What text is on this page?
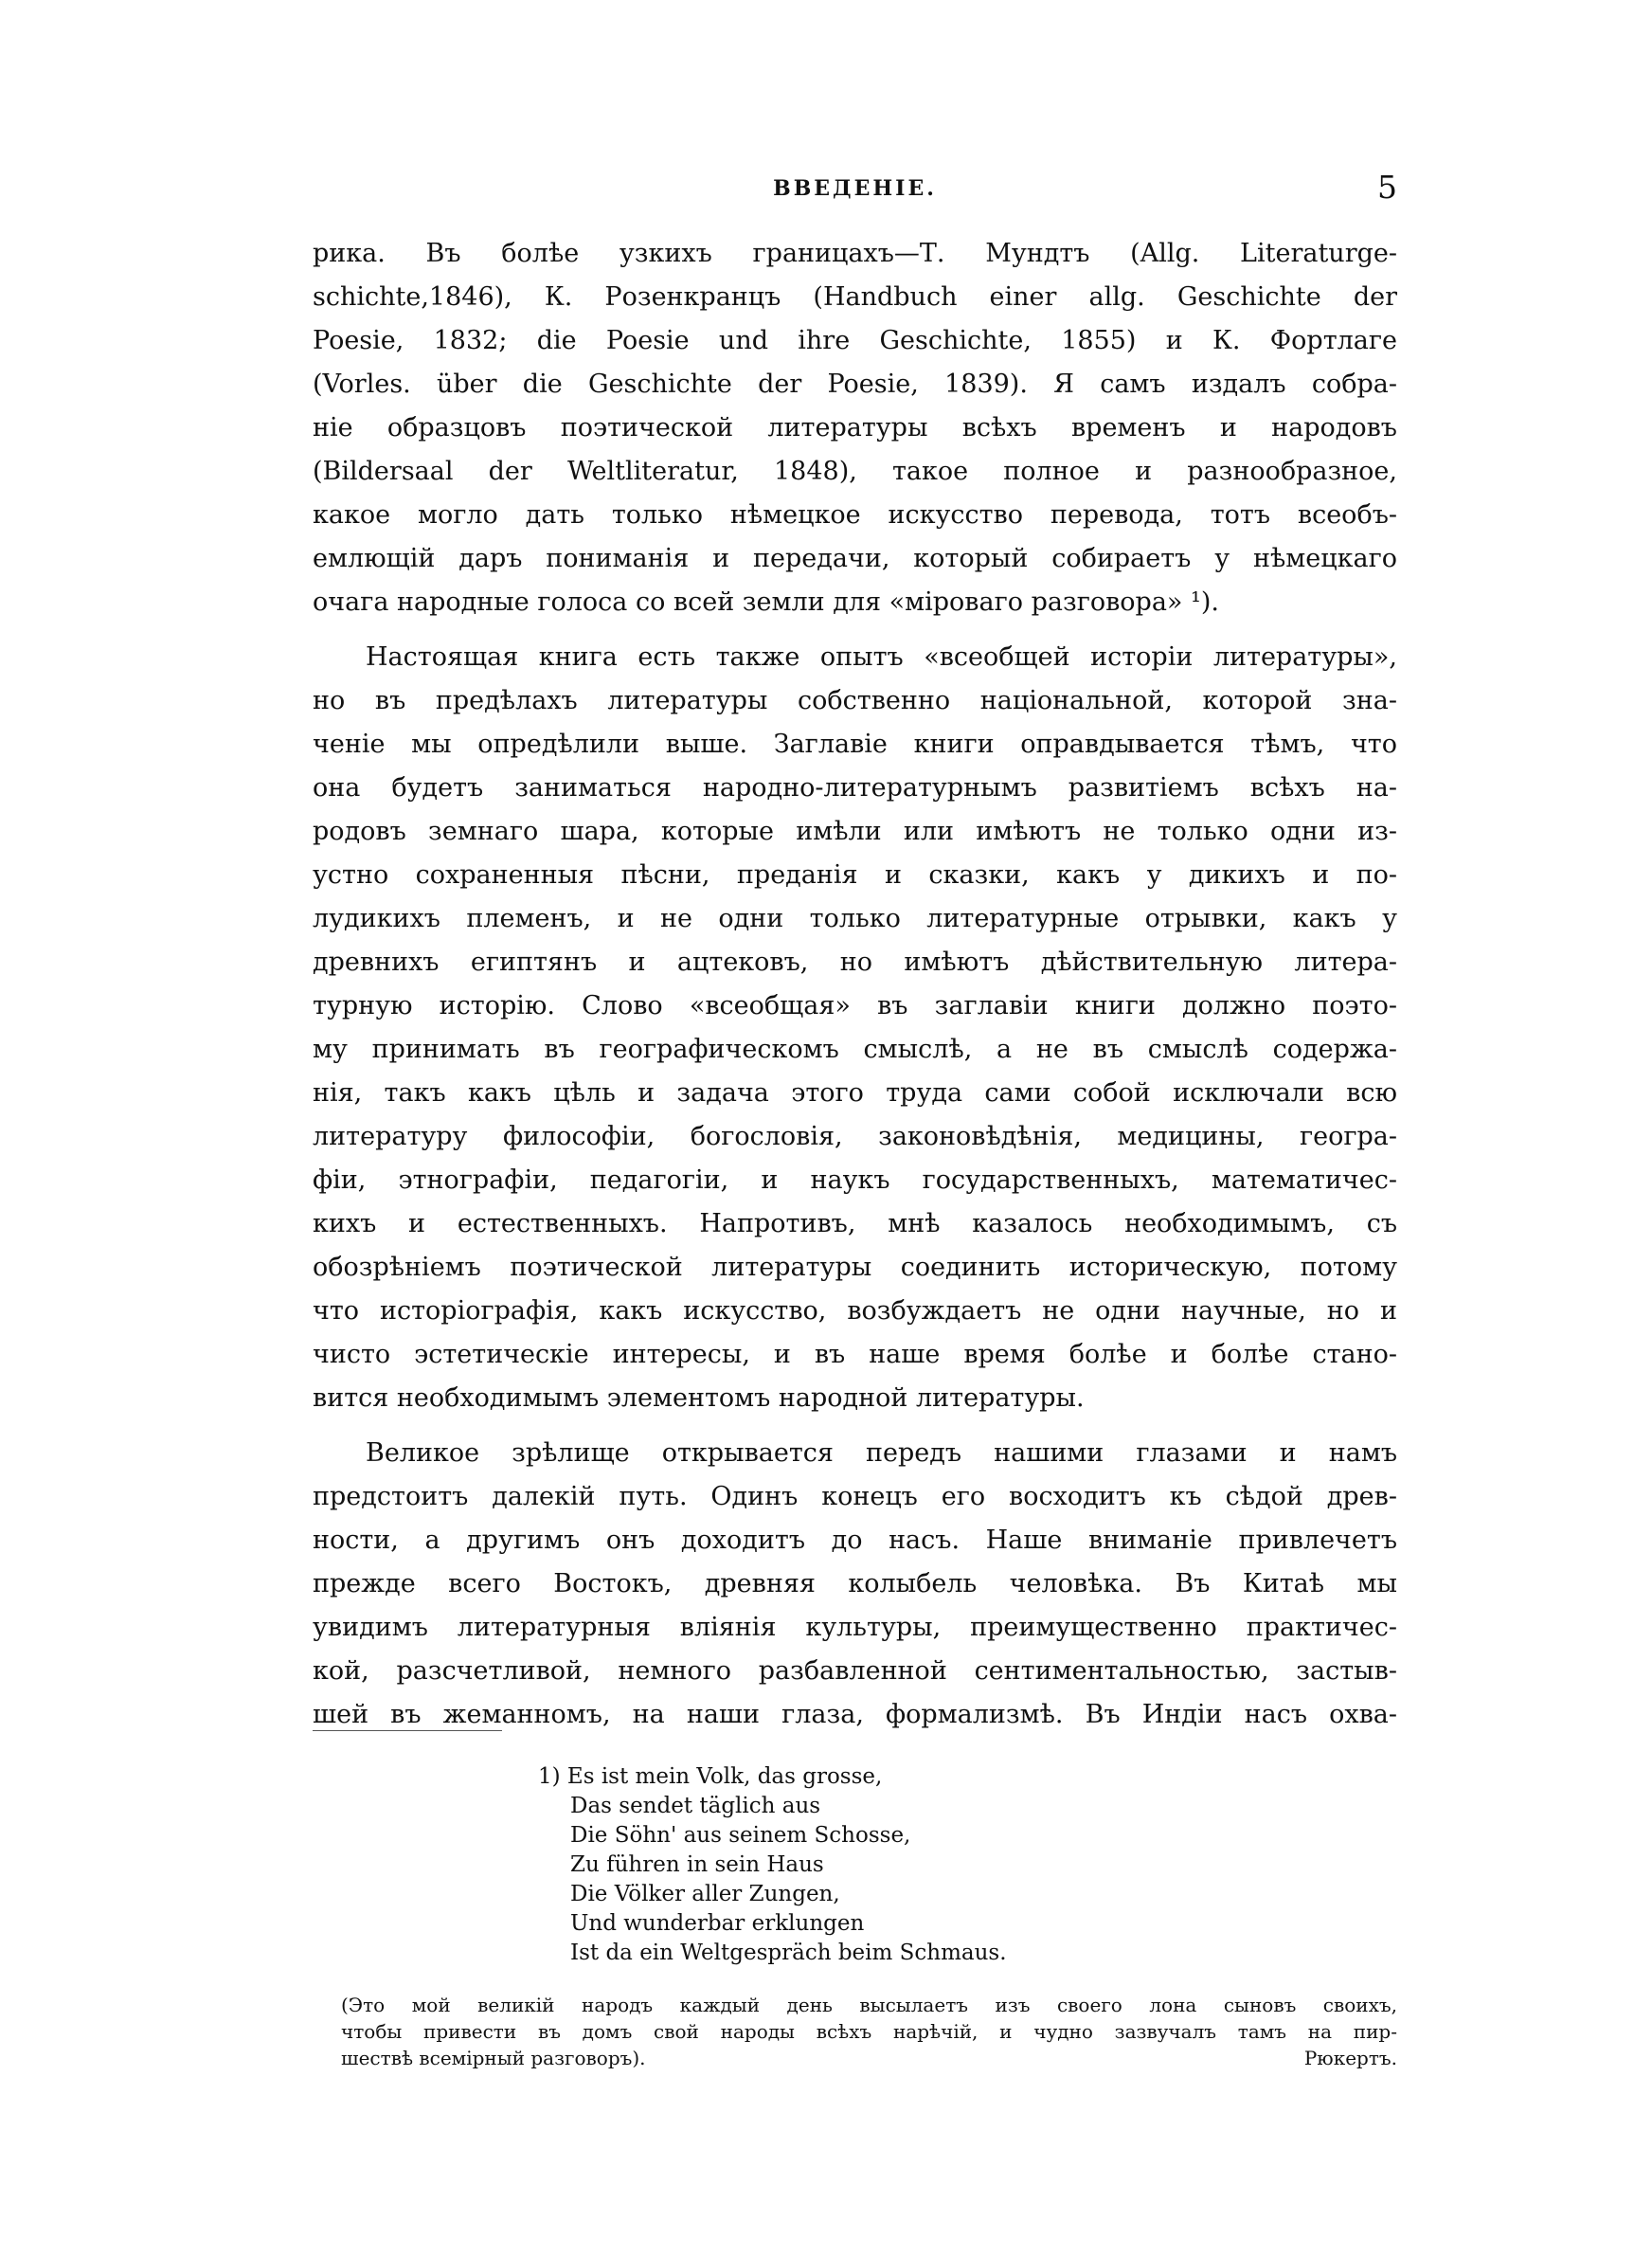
ВВЕДЕНІЕ.	5
рика. Въ болѣе узкихъ границахъ—Т. Мундтъ (Allg. Literaturge-
schichte,1846), К. Розенкранцъ (Handbuch einer allg. Geschichte der
Poesie, 1832; die Poesie und ihre Geschichte, 1855) и К. Фортлаге
(Vorles. über die Geschichte der Poesie, 1839). Я самъ издалъ собра-
ніе образцовъ поэтической литературы всѣхъ временъ и народовъ
(Bildersaal der Weltliteratur, 1848), такое полное и разнообразное,
какое могло дать только нѣмецкое искусство перевода, тотъ всеобъ-
емлющій даръ пониманія и передачи, который собираетъ у нѣмецкаго
очага народные голоса со всей земли для «міроваго разговора» ¹).
Настоящая книга есть также опытъ «всеобщей исторіи литературы»,
но въ предѣлахъ литературы собственно національной, которой зна-
ченіе мы опредѣлили выше. Заглавіе книги оправдывается тѣмъ, что
она будетъ заниматься народно-литературнымъ развитіемъ всѣхъ на-
родовъ земнаго шара, которые имѣли или имѣютъ не только одни из-
устно сохраненныя пѣсни, преданія и сказки, какъ у дикихъ и по-
лудикихъ племенъ, и не одни только литературные отрывки, какъ у
древнихъ египтянъ и ацтековъ, но имѣютъ дѣйствительную литера-
турную исторію. Слово «всеобщая» въ заглавіи книги должно поэто-
му принимать въ географическомъ смыслѣ, а не въ смыслѣ содержа-
нія, такъ какъ цѣль и задача этого труда сами собой исключали всю
литературу философіи, богословія, законовѣдѣнія, медицины, геогра-
фіи, этнографіи, педагогіи, и наукъ государственныхъ, математичес-
кихъ и естественныхъ. Напротивъ, мнѣ казалось необходимымъ, съ
обозрѣніемъ поэтической литературы соединить историческую, потому
что исторіографія, какъ искусство, возбуждаетъ не одни научные, но и
чисто эстетическіе интересы, и въ наше время болѣе и болѣе стано-
вится необходимымъ элементомъ народной литературы.
Великое зрѣлище открывается передъ нашими глазами и намъ
предстоитъ далекій путь. Одинъ конецъ его восходитъ къ сѣдой древ-
ности, а другимъ онъ доходитъ до насъ. Наше вниманіе привлечетъ
прежде всего Востокъ, древняя колыбель человѣка. Въ Китаѣ мы
увидимъ литературныя вліянія культуры, преимущественно практичес-
кой, разсчетливой, немного разбавленной сентиментальностью, застыв-
шей въ жеманномъ, на наши глаза, формализмѣ. Въ Индіи насъ охва-
1) Es ist mein Volk, das grosse,
Das sendet täglich aus
Die Söhn' aus seinem Schosse,
Zu führen in sein Haus
Die Völker aller Zungen,
Und wunderbar erklungen
Ist da ein Weltgespräch beim Schmaus.
(Это мой великій народъ каждый день высылаетъ изъ своего лона сыновъ своихъ,
чтобы привести въ домъ свой народы всѣхъ нарѣчій, и чудно зазвучалъ тамъ на пир-
шествѣ всемірный разговоръ).	Рюкертъ.
